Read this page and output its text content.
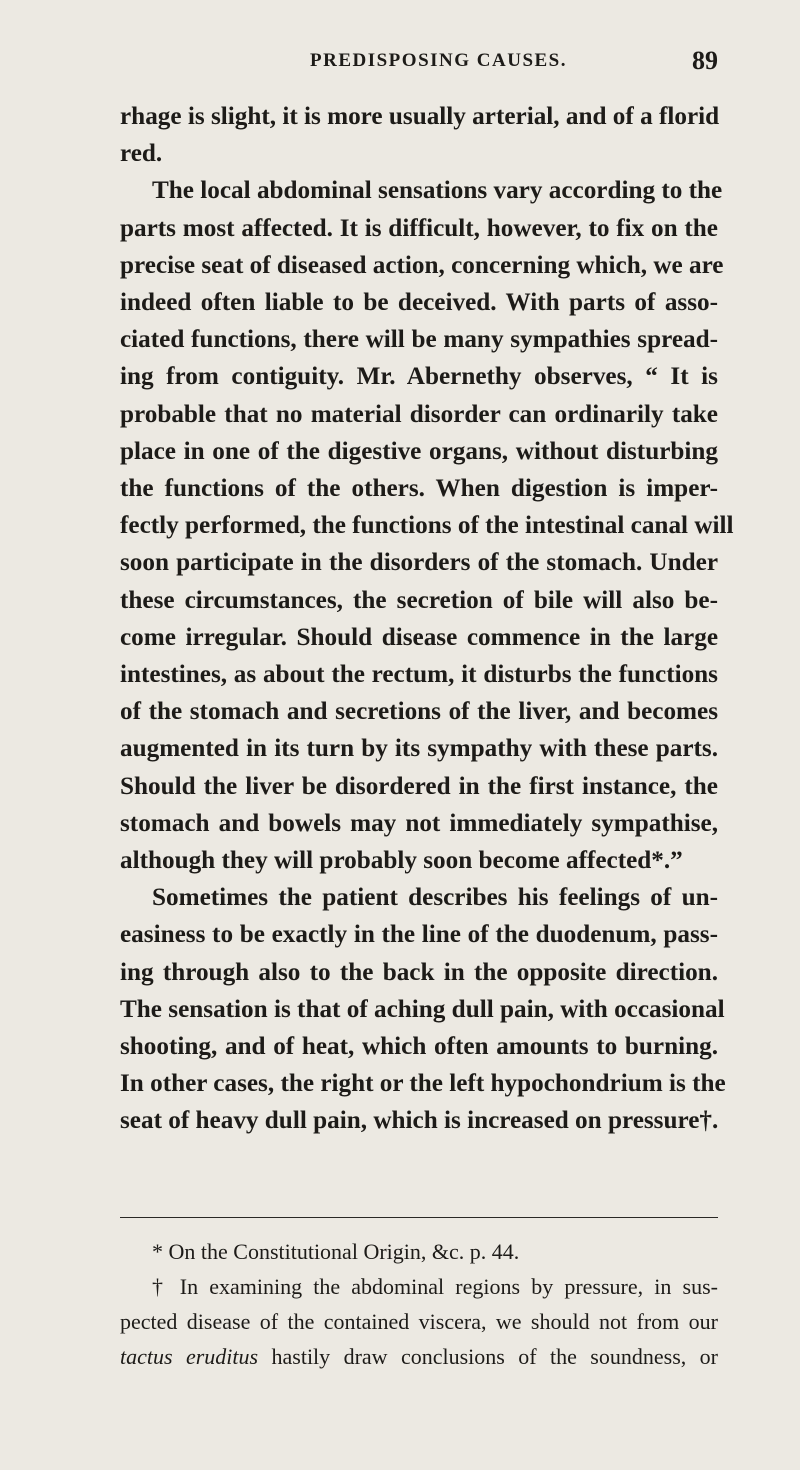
PREDISPOSING CAUSES.	89
rhage is slight, it is more usually arterial, and of a florid
red.
The local abdominal sensations vary according to the
parts most affected. It is difficult, however, to fix on the
precise seat of diseased action, concerning which, we are
indeed often liable to be deceived. With parts of asso-
ciated functions, there will be many sympathies spread-
ing from contiguity. Mr. Abernethy observes, “ It is
probable that no material disorder can ordinarily take
place in one of the digestive organs, without disturbing
the functions of the others. When digestion is imper-
fectly performed, the functions of the intestinal canal will
soon participate in the disorders of the stomach. Under
these circumstances, the secretion of bile will also be-
come irregular. Should disease commence in the large
intestines, as about the rectum, it disturbs the functions
of the stomach and secretions of the liver, and becomes
augmented in its turn by its sympathy with these parts.
Should the liver be disordered in the first instance, the
stomach and bowels may not immediately sympathise,
although they will probably soon become affected*.”
Sometimes the patient describes his feelings of un-
easiness to be exactly in the line of the duodenum, pass-
ing through also to the back in the opposite direction.
The sensation is that of aching dull pain, with occasional
shooting, and of heat, which often amounts to burning.
In other cases, the right or the left hypochondrium is the
seat of heavy dull pain, which is increased on pressure†.
* On the Constitutional Origin, &c. p. 44.
† In examining the abdominal regions by pressure, in sus-
pected disease of the contained viscera, we should not from our
tactus eruditus hastily draw conclusions of the soundness, or
